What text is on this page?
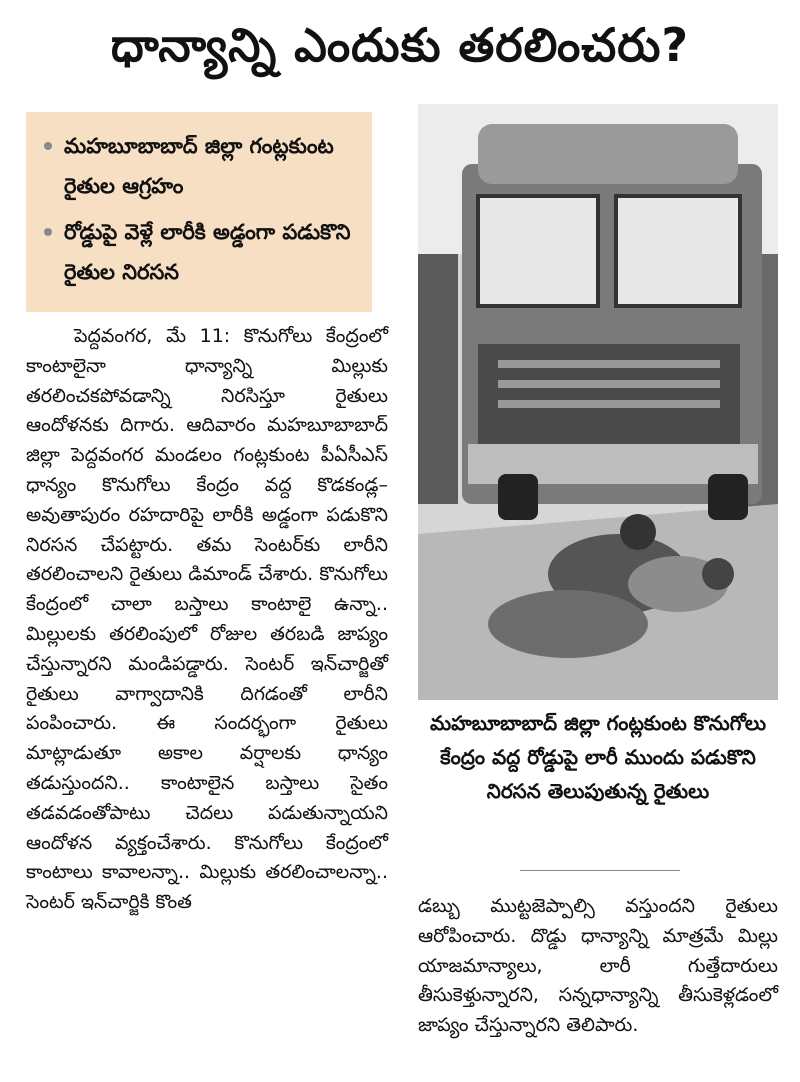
ధాన్యాన్ని ఎందుకు తరలించరు?
మహబూబాబాద్ జిల్లా గంట్లకుంట రైతుల ఆగ్రహం
రోడ్డుపై వెళ్లే లారీకి అడ్డంగా పడుకొని రైతుల నిరసన
పెద్దవంగర, మే 11: కొనుగోలు కేంద్రంలో కాంటాలైనా ధాన్యాన్ని మిల్లుకు తరలించకపోవడాన్ని నిరసిస్తూ రైతులు ఆందోళనకు దిగారు. ఆదివారం మహబూబాబాద్ జిల్లా పెద్దవంగర మండలం గంట్లకుంట పీఏసీఎస్ ధాన్యం కొనుగోలు కేంద్రం వద్ద కొడకండ్ల–అవుతాపురం రహదారిపై లారీకి అడ్డంగా పడుకొని నిరసన చేపట్టారు. తమ సెంటర్‌కు లారీని తరలించాలని రైతులు డిమాండ్ చేశారు. కొనుగోలు కేంద్రంలో చాలా బస్తాలు కాంటాలై ఉన్నా.. మిల్లులకు తరలింపులో రోజుల తరబడి జాప్యం చేస్తున్నారని మండిపడ్డారు. సెంటర్ ఇన్‌చార్జితో రైతులు వాగ్వాదానికి దిగడంతో లారీని పంపించారు. ఈ సందర్భంగా రైతులు మాట్లాడుతూ అకాల వర్షాలకు ధాన్యం తడుస్తుందని.. కాంటాలైన బస్తాలు సైతం తడవడంతోపాటు చెదలు పడుతున్నాయని ఆందోళన వ్యక్తంచేశారు. కొనుగోలు కేంద్రంలో కాంటాలు కావాలన్నా.. మిల్లుకు తరలించాలన్నా.. సెంటర్ ఇన్‌చార్జికి కొంత
మహబూబాబాద్ జిల్లా గంట్లకుంట కొనుగోలు కేంద్రం వద్ద రోడ్డుపై లారీ ముందు పడుకొని నిరసన తెలుపుతున్న రైతులు
డబ్బు ముట్టజెప్పాల్సి వస్తుందని రైతులు ఆరోపించారు. దొడ్డు ధాన్యాన్ని మాత్రమే మిల్లు యాజమాన్యాలు, లారీ గుత్తేదారులు తీసుకెళ్తున్నారని, సన్నధాన్యాన్ని తీసుకెళ్లడంలో జాప్యం చేస్తున్నారని తెలిపారు.
